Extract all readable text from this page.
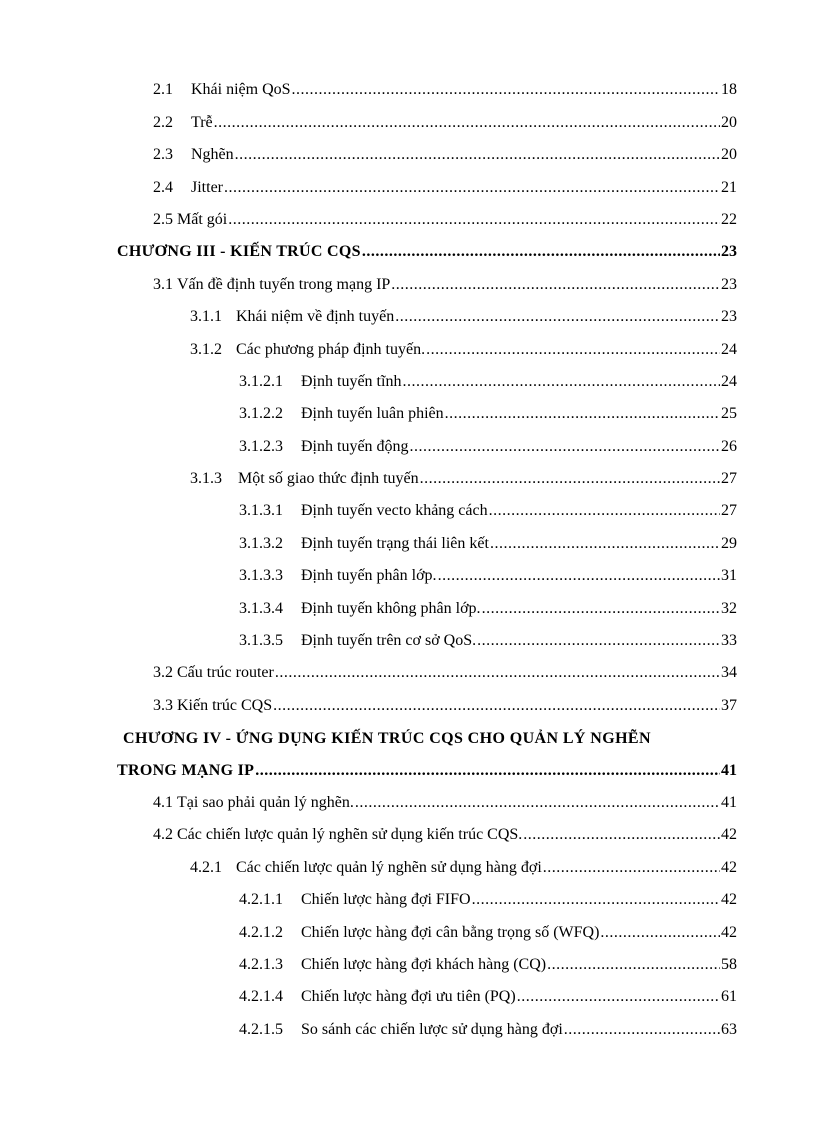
2.1	Khái niệm QoS .....	18
2.2	Trễ .....	20
2.3	Nghẽn .....	20
2.4	Jitter .....	21
2.5 Mất gói .....	22
CHƯƠNG III - KIẾN TRÚC CQS .....	23
3.1 Vấn đề định tuyến trong mạng IP .....	23
3.1.1 Khái niệm về định tuyến .....	23
3.1.2 Các phương pháp định tuyến. .....	24
3.1.2.1	Định tuyến tĩnh .....	24
3.1.2.2	Định tuyến luân phiên .....	25
3.1.2.3	Định tuyến động .....	26
3.1.3	Một số giao thức định tuyến .....	27
3.1.3.1	Định tuyến vecto khảng cách .....	27
3.1.3.2	Định tuyến trạng thái liên kết .....	29
3.1.3.3	Định tuyến phân lớp. .....	31
3.1.3.4	Định tuyến không phân lớp. .....	32
3.1.3.5	Định tuyến trên cơ sở QoS. .....	33
3.2 Cấu trúc router .....	34
3.3 Kiến trúc CQS .....	37
CHƯƠNG IV - ỨNG DỤNG KIẾN TRÚC CQS CHO QUẢN LÝ NGHẼN
TRONG MẠNG IP .....	41
4.1 Tại sao phải quản lý nghẽn. .....	41
4.2 Các chiến lược quản lý nghẽn sử dụng kiến trúc CQS. .....	42
4.2.1 Các chiến lược quản lý nghẽn sử dụng hàng đợi .....	42
4.2.1.1	Chiến lược hàng đợi FIFO .....	42
4.2.1.2	Chiến lược hàng đợi cân bằng trọng số (WFQ) .....	42
4.2.1.3	Chiến lược hàng đợi khách hàng (CQ) .....	58
4.2.1.4	Chiến lược hàng đợi ưu tiên (PQ) .....	61
4.2.1.5	So sánh các chiến lược sử dụng hàng đợi .....	63
